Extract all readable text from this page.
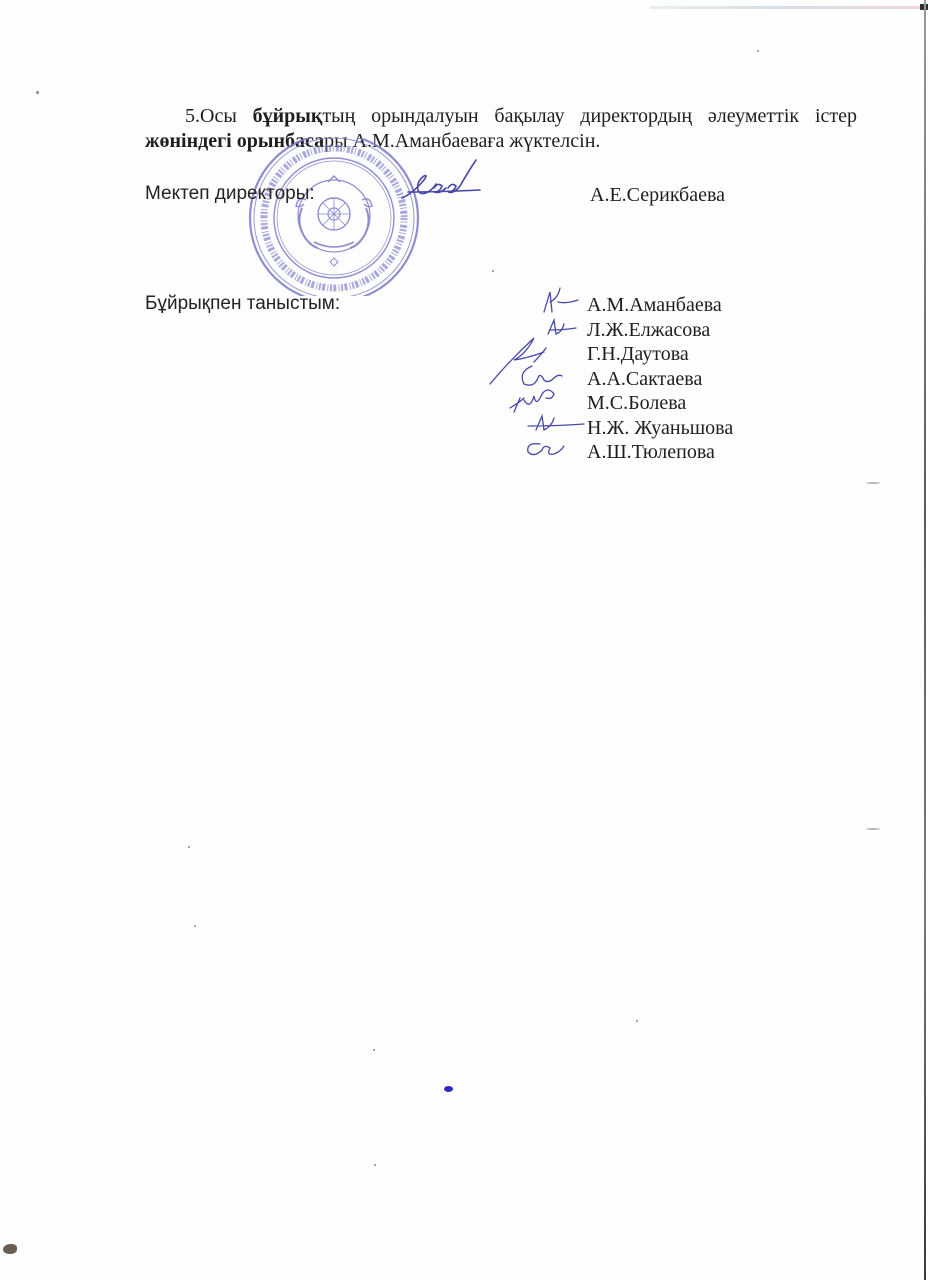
5.Осы бұйрықтың орындалуын бақылау директордың әлеуметтік істер жөніндегі орынбасары А.М.Аманбаеваға жүктелсін.

Мектеп директоры:	А.Е.Серикбаева
Бұйрықпен таныстым:	А.М.Аманбаева
Л.Ж.Елжасова
Г.Н.Даутова
А.А.Сактаева
М.С.Болева
Н.Ж. Жуаньшова
А.Ш.Тюлепова
